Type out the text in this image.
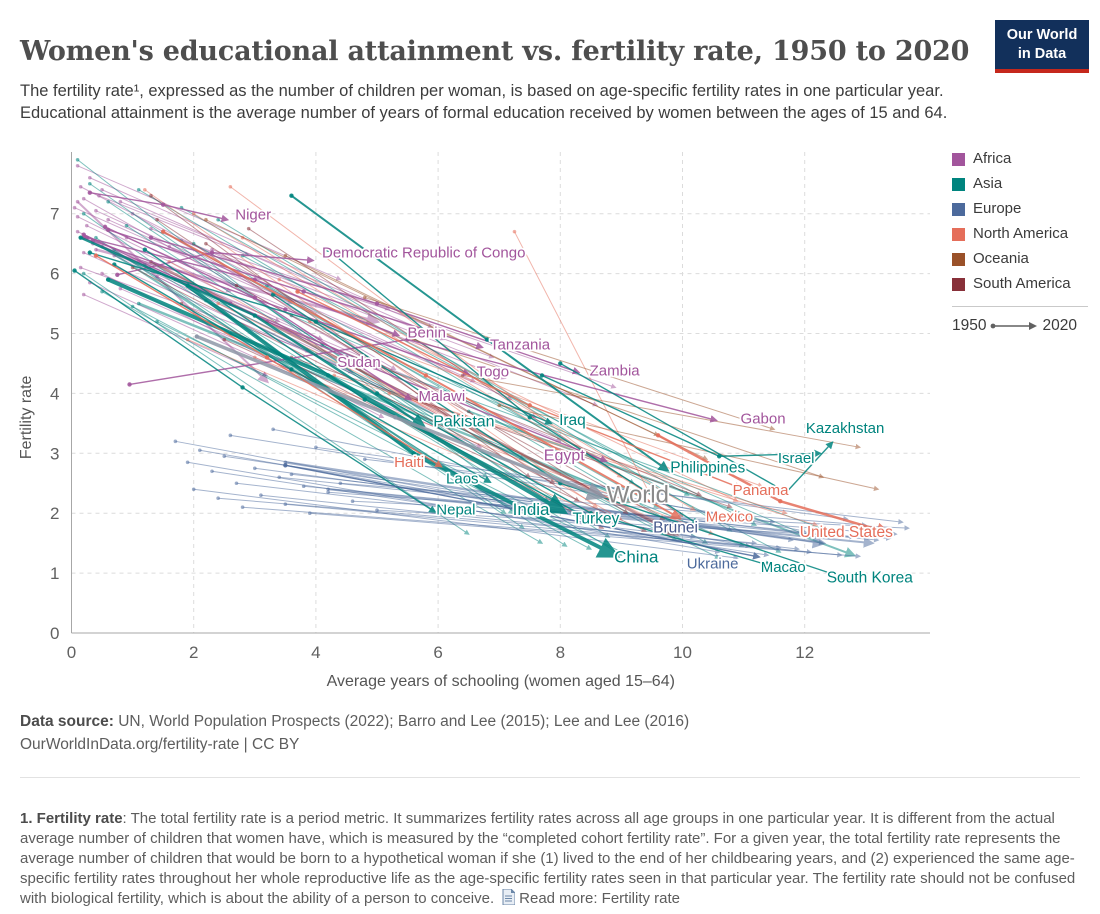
Women's educational attainment vs. fertility rate, 1950 to 2020
Our World
in Data

The fertility rate¹, expressed as the number of children per woman, is based on age-specific fertility rates in one particular year. Educational attainment is the average number of years of formal education received by women between the ages of 15 and 64.

Niger
Democratic Republic of Congo
Benin
Tanzania
Togo	Zambia
Sudan
Malawi
Egypt
Gabon
Pakistan	Iraq
Laos
Nepal India Turkey
China
Brunei
Macao
South Korea
Israel
Kazakhstan
Philippines
World
Haiti
Panama
Mexico
United States
Ukraine
0
1
2
3
4
5
6
7
0	2	4	6	8	10	12
Fertility rate
Average years of schooling (women aged 15–64)
Africa
Asia
Europe
North America
Oceania
South America
1950	2020
Data source: UN, World Population Prospects (2022); Barro and Lee (2015); Lee and Lee (2016)
OurWorldInData.org/fertility-rate | CC BY

1. Fertility rate: The total fertility rate is a period metric. It summarizes fertility rates across all age groups in one particular year. It is different from the actual average number of children that women have, which is measured by the “completed cohort fertility rate”. For a given year, the total fertility rate represents the average number of children that would be born to a hypothetical woman if she (1) lived to the end of her childbearing years, and (2) experienced the same age-specific fertility rates throughout her whole reproductive life as the age-specific fertility rates seen in that particular year. The fertility rate should not be confused with biological fertility, which is about the ability of a person to conceive. Read more: Fertility rate
